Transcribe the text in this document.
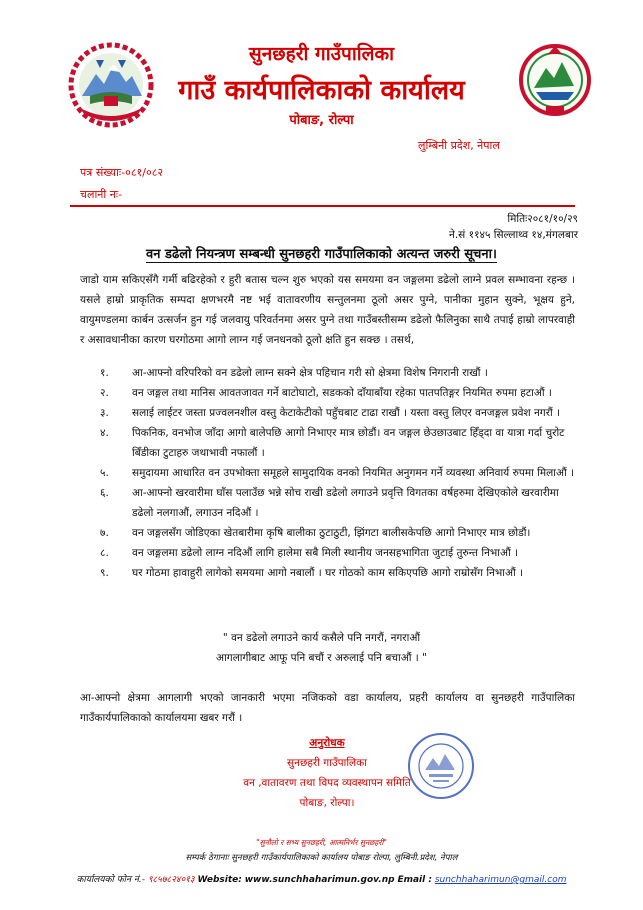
सुनछहरी गाउँपालिका
गाउँ कार्यपालिकाको कार्यालय
पोबाङ, रोल्पा
लुम्बिनी प्रदेश, नेपाल
पत्र संख्याः-०८१/०८२
चलानी नः-
मितिः२०८१/१०/२९
ने.सं ११४५ सिल्लाथ्व १४,मंगलबार
वन डढेलो नियन्त्रण सम्बन्धी सुनछहरी गाउँपालिकाको अत्यन्त जरुरी सूचना।
जाडो याम सकिएसँगै गर्मी बढिरहेको र हुरी बतास चल्न शुरु भएको यस समयमा वन जङ्गलमा डढेलो लाग्ने प्रवल सम्भावना रहन्छ । यसले हाम्रो प्राकृतिक सम्पदा क्षणभरमै नष्ट भई वातावरणीय सन्तुलनमा ठूलो असर पुग्ने, पानीका मुहान सुक्ने, भूक्षय हुने, वायुमण्डलमा कार्बन उत्सर्जन हुन गई जलवायु परिवर्तनमा असर पुग्ने तथा गाउँबस्तीसम्म डढेलो फैलिनुका साथै तपाई हाम्रो लापरवाही र असावधानीका कारण घरगोठमा आगो लाग्न गई जनधनको ठूलो क्षति हुन सक्छ । तसर्थ,
१. आ-आफ्नो वरिपरिको वन डढेलो लाग्न सक्ने क्षेत्र पहिचान गरी सो क्षेत्रमा विशेष निगरानी राखौं ।
२. वन जङ्गल तथा मानिस आवतजावत गर्ने बाटोघाटो, सडकको दाँयाबाँया रहेका पातपतिङ्गर नियमित रुपमा हटाऔं ।
३. सलाई लाईटर जस्ता प्रज्वलनशील वस्तु केटाकेटीको पहुँचबाट टाढा राखौं । यस्ता वस्तु लिएर वनजङ्गल प्रवेश नगरौं ।
४. पिकनिक, वनभोज जाँदा आगो बालेपछि आगो निभाएर मात्र छोडौं। वन जङ्गल छेउछाउबाट हिँड्दा वा यात्रा गर्दा चुरोट बिँडीका टुटाहरु जथाभावी नफालौं ।
५. समुदायमा आधारित वन उपभोक्ता समूहले सामुदायिक वनको नियमित अनुगमन गर्ने व्यवस्था अनिवार्य रुपमा मिलाऔं ।
६. आ-आफ्नो खरवारीमा घाँस पलाउँछ भन्ने सोच राखी डढेलो लगाउने प्रवृत्ति विगतका वर्षहरुमा देखिएकोले खरवारीमा डढेलो नलगाऔं, लगाउन नदिऔं ।
७. वन जङ्गलसँग जोडिएका खेतबारीमा कृषि बालीका ठुटाठुटी, झिंगटा बालीसकेपछि आगो निभाएर मात्र छोडौं।
८. वन जङ्गलमा डढेलो लाग्न नदिऔं लागि हालेमा सबै मिली स्थानीय जनसहभागिता जुटाई तुरुन्त निभाऔं ।
९. घर गोठमा हावाहुरी लागेको समयमा आगो नबालौं । घर गोठको काम सकिएपछि आगो राम्रोसँग निभाऔं ।
" वन डढेलो लगाउने कार्य कसैले पनि नगरौं, नगराऔं
आगलागीबाट आफू पनि बचौं र अरुलाई पनि बचाऔं । "
आ-आफ्नो क्षेत्रमा आगलागी भएको जानकारी भएमा नजिकको वडा कार्यालय, प्रहरी कार्यालय वा सुनछहरी गाउँपालिका गाउँकार्यपालिकाको कार्यालयमा खबर गरौं ।
अनुरोधक
सुनछहरी गाउँपालिका
वन ,वातावरण तथा विपद व्यवस्थापन समिति
पोबाङ, रोल्पा।
"सुनौलो र सभ्य सुनछहरी, आत्मनिर्भर सुनछहरी"
सम्पर्क ठेगानाः सुनछहरी गाउँकार्यपालिकाको कार्यालय पोबाङ रोल्पा, लुम्बिनी.प्रदेश, नेपाल
कार्यालयको फोन नं.- ९८५७८२४०१३ Website: www.sunchhaharimun.gov.np Email : sunchhaharimun@gmail.com
